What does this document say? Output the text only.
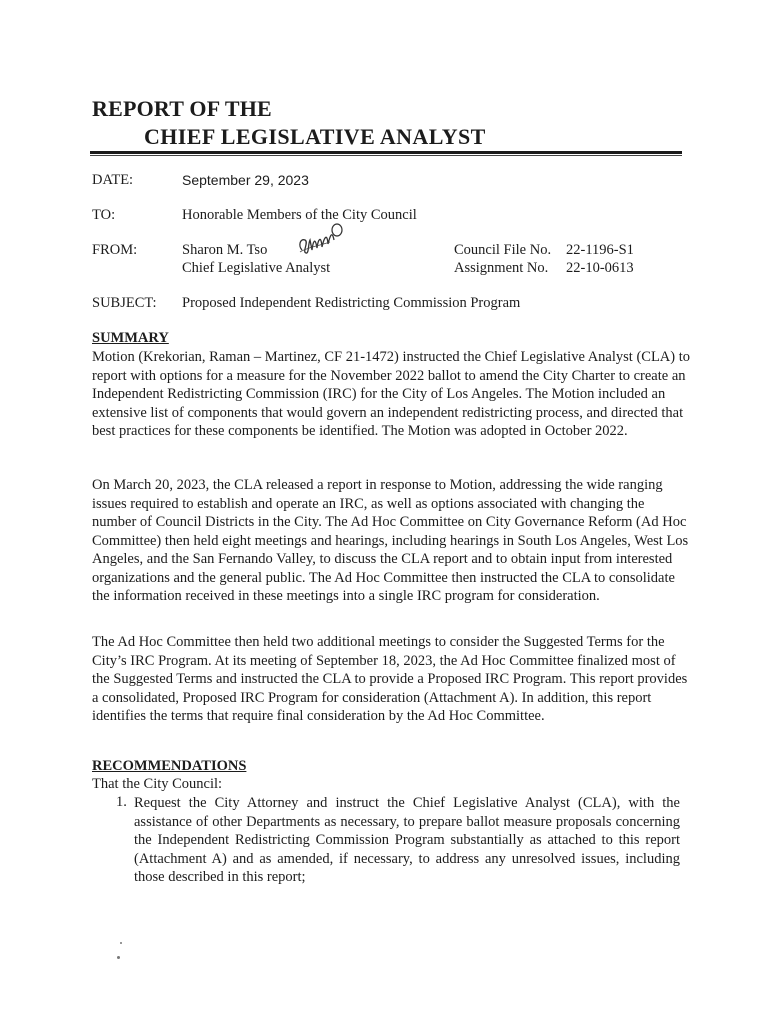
REPORT OF THE
CHIEF LEGISLATIVE ANALYST
DATE:	September 29, 2023
TO:	Honorable Members of the City Council
FROM:	Sharon M. Tso
Chief Legislative Analyst
Council File No. 22-1196-S1
Assignment No. 22-10-0613
SUBJECT: Proposed Independent Redistricting Commission Program
SUMMARY
Motion (Krekorian, Raman – Martinez, CF 21-1472) instructed the Chief Legislative Analyst (CLA) to report with options for a measure for the November 2022 ballot to amend the City Charter to create an Independent Redistricting Commission (IRC) for the City of Los Angeles. The Motion included an extensive list of components that would govern an independent redistricting process, and directed that best practices for these components be identified. The Motion was adopted in October 2022.
On March 20, 2023, the CLA released a report in response to Motion, addressing the wide ranging issues required to establish and operate an IRC, as well as options associated with changing the number of Council Districts in the City. The Ad Hoc Committee on City Governance Reform (Ad Hoc Committee) then held eight meetings and hearings, including hearings in South Los Angeles, West Los Angeles, and the San Fernando Valley, to discuss the CLA report and to obtain input from interested organizations and the general public. The Ad Hoc Committee then instructed the CLA to consolidate the information received in these meetings into a single IRC program for consideration.
The Ad Hoc Committee then held two additional meetings to consider the Suggested Terms for the City’s IRC Program. At its meeting of September 18, 2023, the Ad Hoc Committee finalized most of the Suggested Terms and instructed the CLA to provide a Proposed IRC Program. This report provides a consolidated, Proposed IRC Program for consideration (Attachment A). In addition, this report identifies the terms that require final consideration by the Ad Hoc Committee.
RECOMMENDATIONS
That the City Council:
1. Request the City Attorney and instruct the Chief Legislative Analyst (CLA), with the assistance of other Departments as necessary, to prepare ballot measure proposals concerning the Independent Redistricting Commission Program substantially as attached to this report (Attachment A) and as amended, if necessary, to address any unresolved issues, including those described in this report;
